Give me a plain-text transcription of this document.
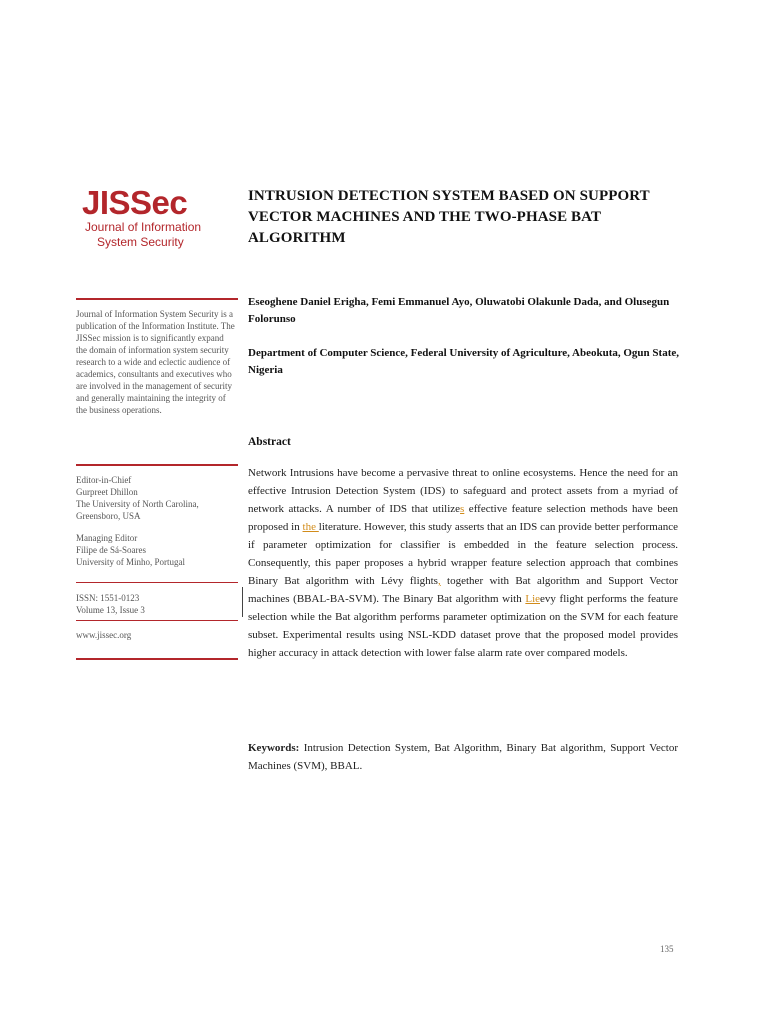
JISSec
Journal of Information
System Security
Journal of Information System Security is a publication of the Information Institute. The JISSec mission is to significantly expand the domain of information system security research to a wide and eclectic audience of academics, consultants and executives who are involved in the management of security and generally maintaining the integrity of the business operations.
Editor-in-Chief
Gurpreet Dhillon
The University of North Carolina,
Greensboro, USA
Managing Editor
Filipe de Sá-Soares
University of Minho, Portugal
ISSN: 1551-0123
Volume 13, Issue 3
www.jissec.org
INTRUSION DETECTION SYSTEM BASED ON SUPPORT VECTOR MACHINES AND THE TWO-PHASE BAT ALGORITHM
Eseoghene Daniel Erigha, Femi Emmanuel Ayo, Oluwatobi Olakunle Dada, and Olusegun Folorunso
Department of Computer Science, Federal University of Agriculture, Abeokuta, Ogun State, Nigeria
Abstract
Network Intrusions have become a pervasive threat to online ecosystems. Hence the need for an effective Intrusion Detection System (IDS) to safeguard and protect assets from a myriad of network attacks. A number of IDS that utilizes effective feature selection methods have been proposed in the literature. However, this study asserts that an IDS can provide better performance if parameter optimization for classifier is embedded in the feature selection process. Consequently, this paper proposes a hybrid wrapper feature selection approach that combines Binary Bat algorithm with Lévy flights, together with Bat algorithm and Support Vector machines (BBAL-BA-SVM). The Binary Bat algorithm with Lieevy flight performs the feature selection while the Bat algorithm performs parameter optimization on the SVM for each feature subset. Experimental results using NSL-KDD dataset prove that the proposed model provides higher accuracy in attack detection with lower false alarm rate over compared models.
Keywords: Intrusion Detection System, Bat Algorithm, Binary Bat algorithm, Support Vector Machines (SVM), BBAL.
135
